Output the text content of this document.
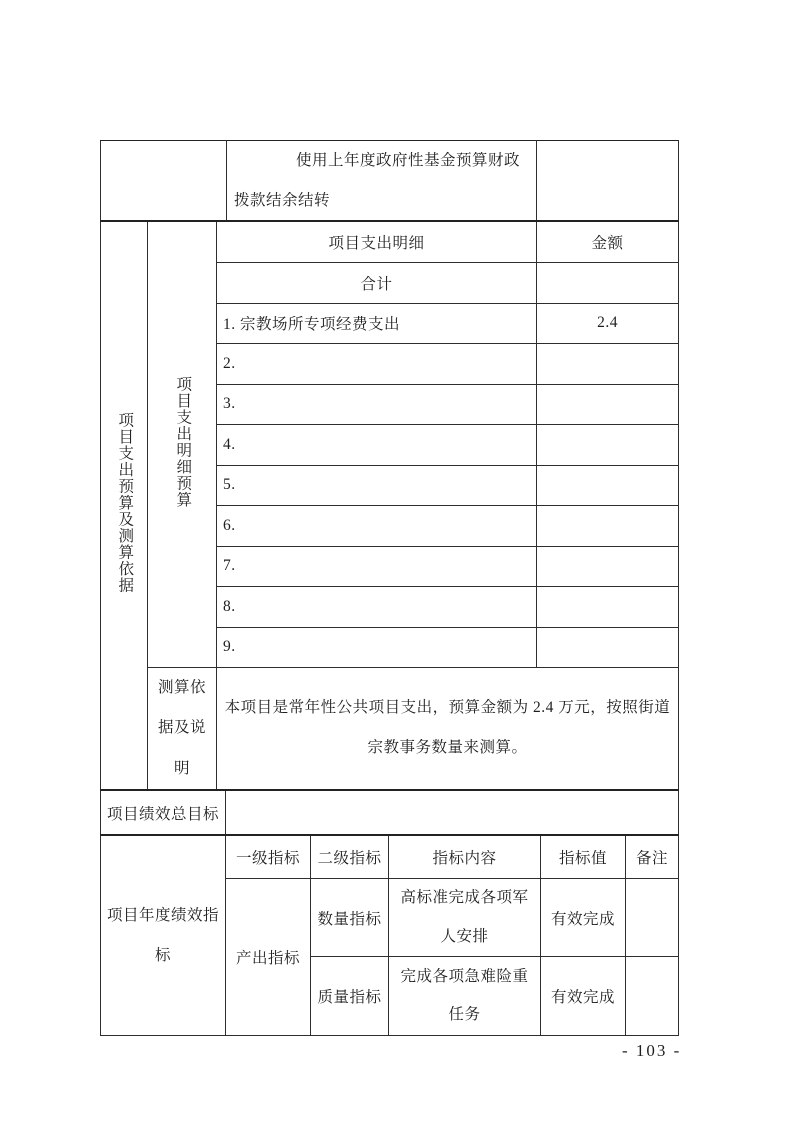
	使用上年度政府性基金预算财政拨款结余结转	
项目支出预算及测算依据	项目支出明细预算	项目支出明细	金额
		合计	
		1. 宗教场所专项经费支出	2.4
		2.	
		3.	
		4.	
		5.	
		6.	
		7.	
		8.	
		9.	
	测算依据及说明	本项目是常年性公共项目支出，预算金额为 2.4 万元，按照街道宗教事务数量来测算。	
项目绩效总目标	
项目年度绩效指标	一级指标	二级指标	指标内容	指标值	备注
	产出指标	数量指标	高标准完成各项军人安排	有效完成	
		质量指标	完成各项急难险重任务	有效完成	
- 103 -
